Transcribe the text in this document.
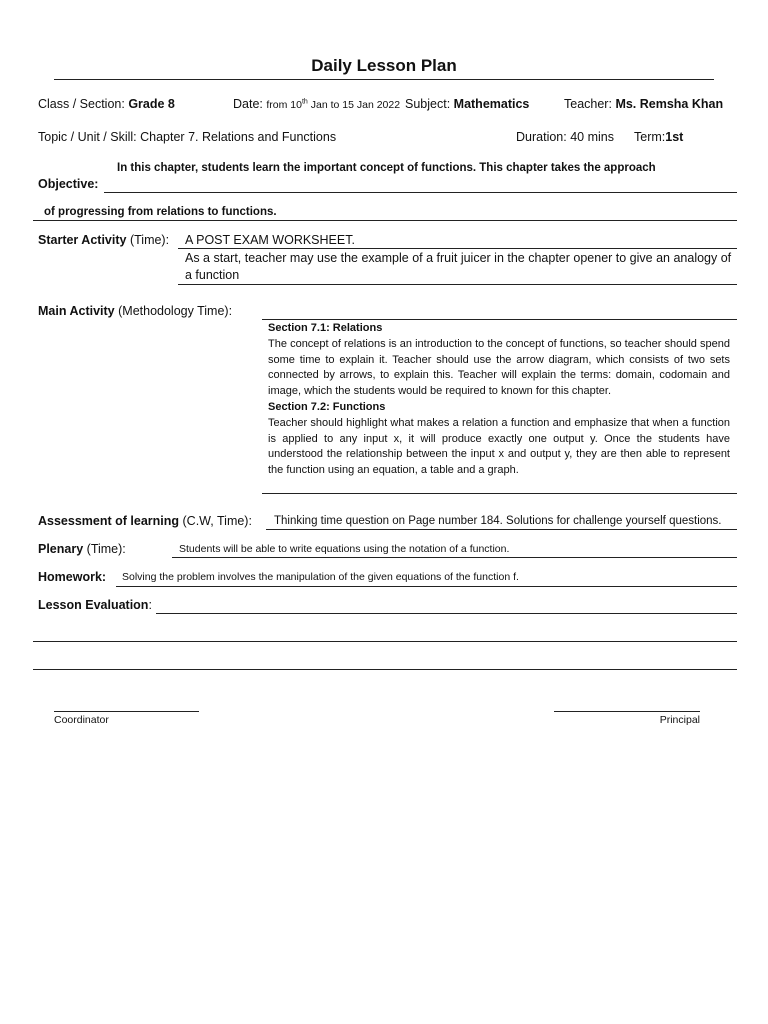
Daily Lesson Plan
Class / Section: Grade 8	Date: from 10th Jan to 15 Jan 2022 Subject: Mathematics	Teacher: Ms. Remsha Khan
Topic / Unit / Skill: Chapter 7. Relations and Functions	Duration: 40 mins Term:1st
In this chapter, students learn the important concept of functions. This chapter takes the approach
Objective:
of progressing from relations to functions.
Starter Activity (Time): A POST EXAM WORKSHEET.
As a start, teacher may use the example of a fruit juicer in the chapter opener to give an analogy of a function
Main Activity (Methodology Time):
Section 7.1: Relations
The concept of relations is an introduction to the concept of functions, so teacher should spend some time to explain it. Teacher should use the arrow diagram, which consists of two sets connected by arrows, to explain this. Teacher will explain the terms: domain, codomain and image, which the students would be required to known for this chapter.
Section 7.2: Functions
Teacher should highlight what makes a relation a function and emphasize that when a function is applied to any input x, it will produce exactly one output y. Once the students have understood the relationship between the input x and output y, they are then able to represent the function using an equation, a table and a graph.
Assessment of learning (C.W, Time): Thinking time question on Page number 184. Solutions for challenge yourself questions.
Plenary (Time):	Students will be able to write equations using the notation of a function.
Homework: Solving the problem involves the manipulation of the given equations of the function f.
Lesson Evaluation:
Coordinator	Principal
